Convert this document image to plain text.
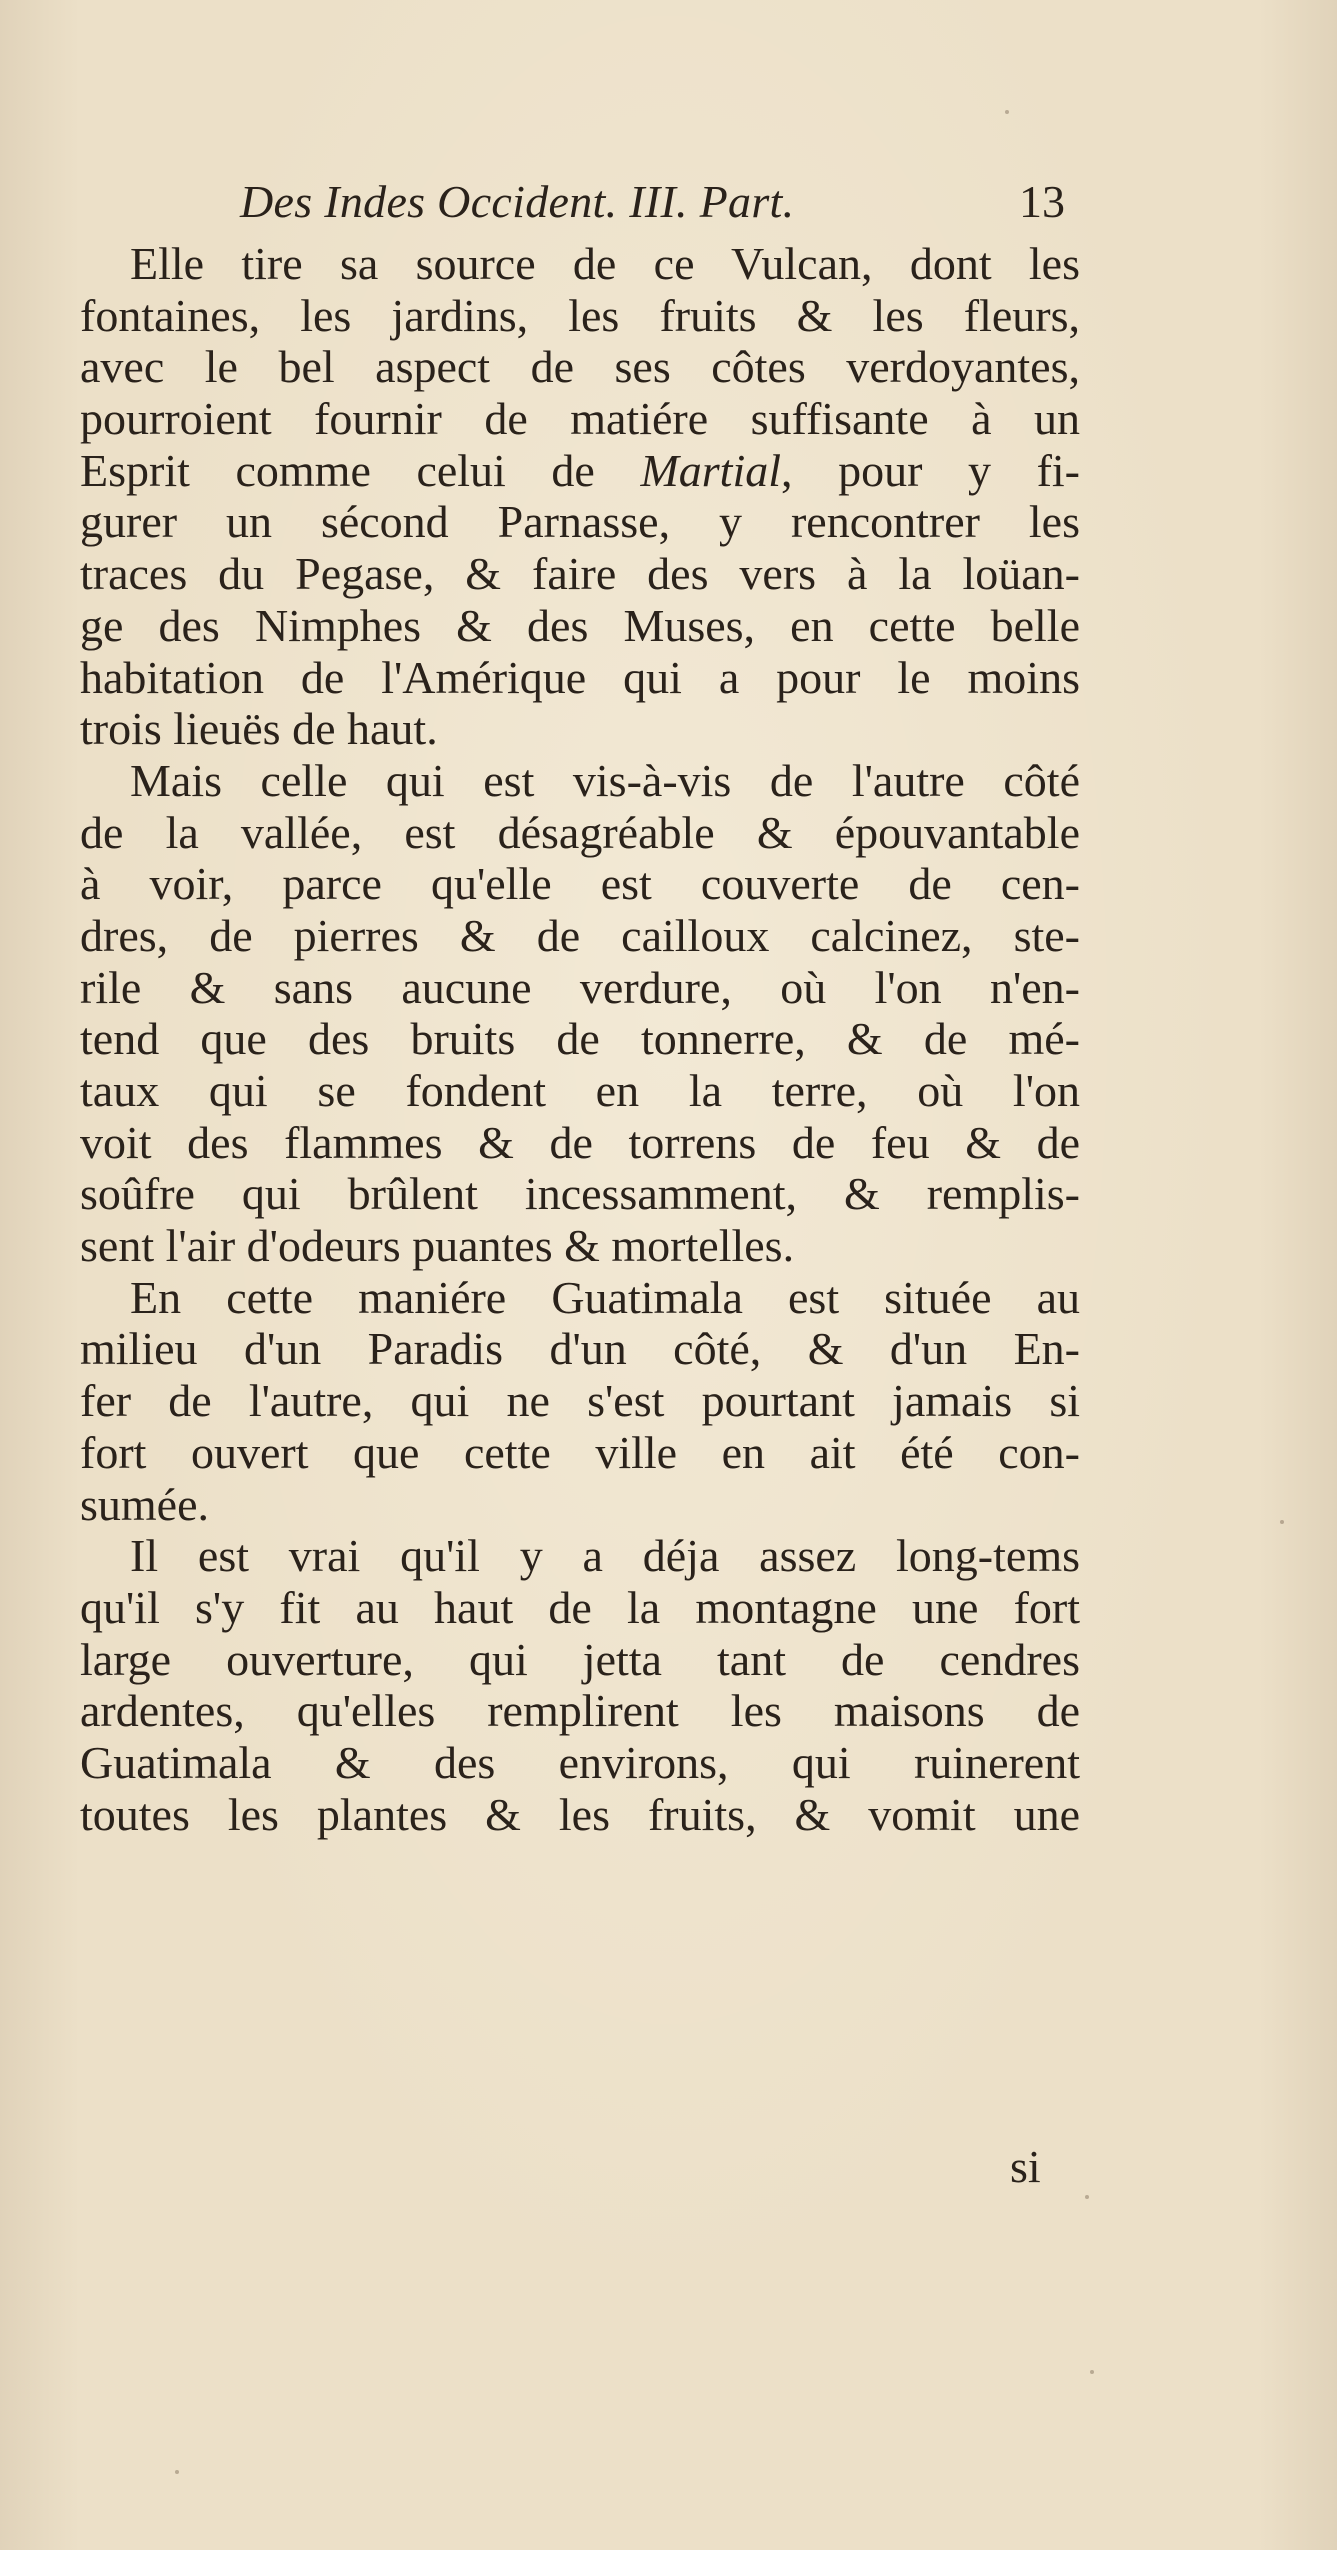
Des Indes Occident. III. Part.	13
Elle tire sa source de ce Vulcan, dont les
fontaines, les jardins, les fruits & les fleurs,
avec le bel aspect de ses côtes verdoyantes,
pourroient fournir de matiére suffisante à un
Esprit comme celui de Martial, pour y fi-
gurer un sécond Parnasse, y rencontrer les
traces du Pegase, & faire des vers à la loüan-
ge des Nimphes & des Muses, en cette belle
habitation de l'Amérique qui a pour le moins
trois lieuës de haut.
Mais celle qui est vis-à-vis de l'autre côté
de la vallée, est désagréable & épouvantable
à voir, parce qu'elle est couverte de cen-
dres, de pierres & de cailloux calcinez, ste-
rile & sans aucune verdure, où l'on n'en-
tend que des bruits de tonnerre, & de mé-
taux qui se fondent en la terre, où l'on
voit des flammes & de torrens de feu & de
soûfre qui brûlent incessamment, & remplis-
sent l'air d'odeurs puantes & mortelles.
En cette maniére Guatimala est située au
milieu d'un Paradis d'un côté, & d'un En-
fer de l'autre, qui ne s'est pourtant jamais si
fort ouvert que cette ville en ait été con-
sumée.
Il est vrai qu'il y a déja assez long-tems
qu'il s'y fit au haut de la montagne une fort
large ouverture, qui jetta tant de cendres
ardentes, qu'elles remplirent les maisons de
Guatimala & des environs, qui ruinerent
toutes les plantes & les fruits, & vomit une
si
